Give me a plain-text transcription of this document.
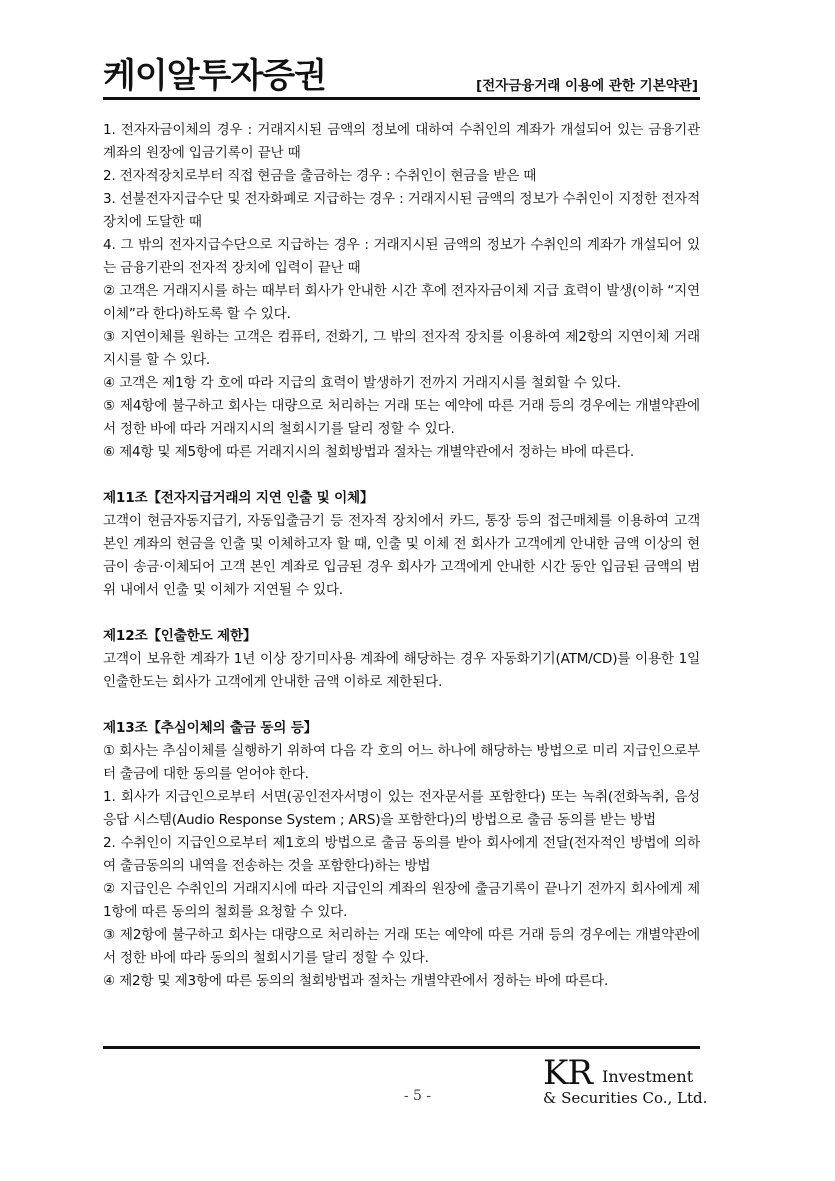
케이알투자증권	[전자금융거래 이용에 관한 기본약관]

1. 전자자금이체의 경우 : 거래지시된 금액의 정보에 대하여 수취인의 계좌가 개설되어 있는 금융기관 계좌의 원장에 입금기록이 끝난 때

2. 전자적장치로부터 직접 현금을 출금하는 경우 : 수취인이 현금을 받은 때

3. 선불전자지급수단 및 전자화폐로 지급하는 경우 : 거래지시된 금액의 정보가 수취인이 지정한 전자적 장치에 도달한 때

4. 그 밖의 전자지급수단으로 지급하는 경우 : 거래지시된 금액의 정보가 수취인의 계좌가 개설되어 있는 금융기관의 전자적 장치에 입력이 끝난 때

② 고객은 거래지시를 하는 때부터 회사가 안내한 시간 후에 전자자금이체 지급 효력이 발생(이하 “지연이체”라 한다)하도록 할 수 있다.

③ 지연이체를 원하는 고객은 컴퓨터, 전화기, 그 밖의 전자적 장치를 이용하여 제2항의 지연이체 거래지시를 할 수 있다.

④ 고객은 제1항 각 호에 따라 지급의 효력이 발생하기 전까지 거래지시를 철회할 수 있다.

⑤ 제4항에 불구하고 회사는 대량으로 처리하는 거래 또는 예약에 따른 거래 등의 경우에는 개별약관에서 정한 바에 따라 거래지시의 철회시기를 달리 정할 수 있다.

⑥ 제4항 및 제5항에 따른 거래지시의 철회방법과 절차는 개별약관에서 정하는 바에 따른다.

제11조【전자지급거래의 지연 인출 및 이체】

고객이 현금자동지급기, 자동입출금기 등 전자적 장치에서 카드, 통장 등의 접근매체를 이용하여 고객 본인 계좌의 현금을 인출 및 이체하고자 할 때, 인출 및 이체 전 회사가 고객에게 안내한 금액 이상의 현금이 송금·이체되어 고객 본인 계좌로 입금된 경우 회사가 고객에게 안내한 시간 동안 입금된 금액의 범위 내에서 인출 및 이체가 지연될 수 있다.

제12조【인출한도 제한】

고객이 보유한 계좌가 1년 이상 장기미사용 계좌에 해당하는 경우 자동화기기(ATM/CD)를 이용한 1일 인출한도는 회사가 고객에게 안내한 금액 이하로 제한된다.

제13조【추심이체의 출금 동의 등】

① 회사는 추심이체를 실행하기 위하여 다음 각 호의 어느 하나에 해당하는 방법으로 미리 지급인으로부터 출금에 대한 동의를 얻어야 한다.

1. 회사가 지급인으로부터 서면(공인전자서명이 있는 전자문서를 포함한다) 또는 녹취(전화녹취, 음성응답 시스템(Audio Response System ; ARS)을 포함한다)의 방법으로 출금 동의를 받는 방법

2. 수취인이 지급인으로부터 제1호의 방법으로 출금 동의를 받아 회사에게 전달(전자적인 방법에 의하여 출금동의의 내역을 전송하는 것을 포함한다)하는 방법

② 지급인은 수취인의 거래지시에 따라 지급인의 계좌의 원장에 출금기록이 끝나기 전까지 회사에게 제1항에 따른 동의의 철회를 요청할 수 있다.

③ 제2항에 불구하고 회사는 대량으로 처리하는 거래 또는 예약에 따른 거래 등의 경우에는 개별약관에서 정한 바에 따라 동의의 철회시기를 달리 정할 수 있다.

④ 제2항 및 제3항에 따른 동의의 철회방법과 절차는 개별약관에서 정하는 바에 따른다.

- 5 -
KR Investment
& Securities Co., Ltd.
